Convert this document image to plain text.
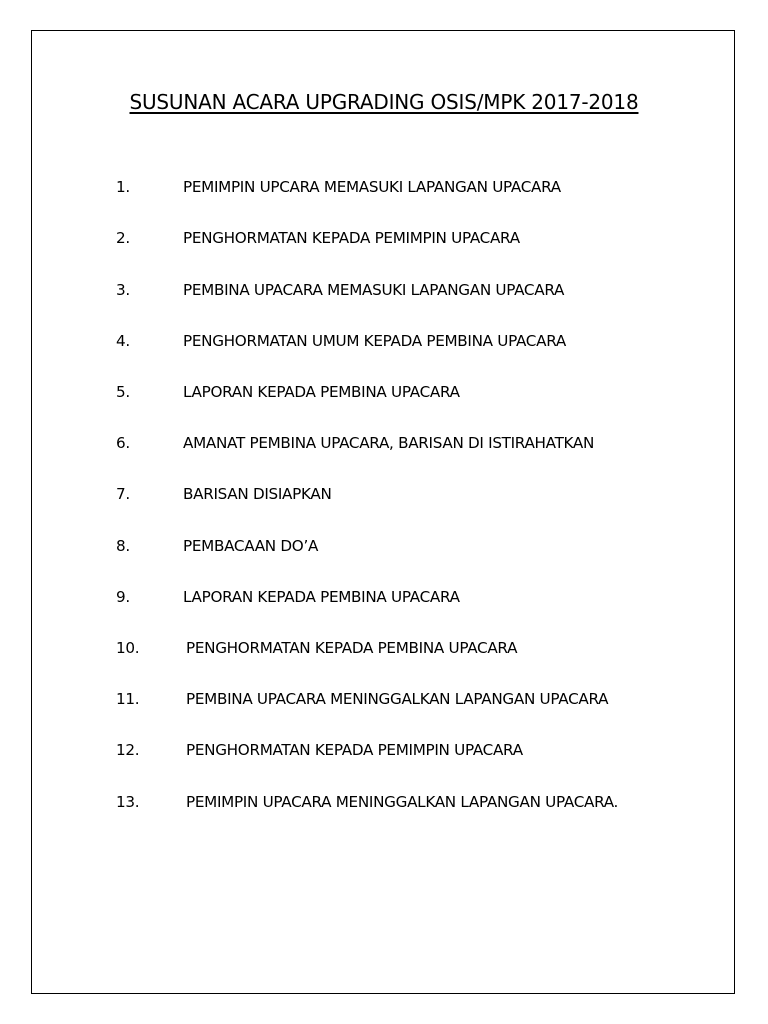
SUSUNAN ACARA UPGRADING OSIS/MPK 2017-2018
1.	PEMIMPIN UPCARA MEMASUKI LAPANGAN UPACARA
2.	PENGHORMATAN KEPADA PEMIMPIN UPACARA
3.	PEMBINA UPACARA MEMASUKI LAPANGAN UPACARA
4.	PENGHORMATAN UMUM KEPADA PEMBINA UPACARA
5.	LAPORAN KEPADA PEMBINA UPACARA
6.	AMANAT PEMBINA UPACARA, BARISAN DI ISTIRAHATKAN
7.	BARISAN DISIAPKAN
8.	PEMBACAAN DO’A
9.	LAPORAN KEPADA PEMBINA UPACARA
10.	PENGHORMATAN KEPADA PEMBINA UPACARA
11.	PEMBINA UPACARA MENINGGALKAN LAPANGAN UPACARA
12.	PENGHORMATAN KEPADA PEMIMPIN UPACARA
13.	PEMIMPIN UPACARA MENINGGALKAN LAPANGAN UPACARA.
